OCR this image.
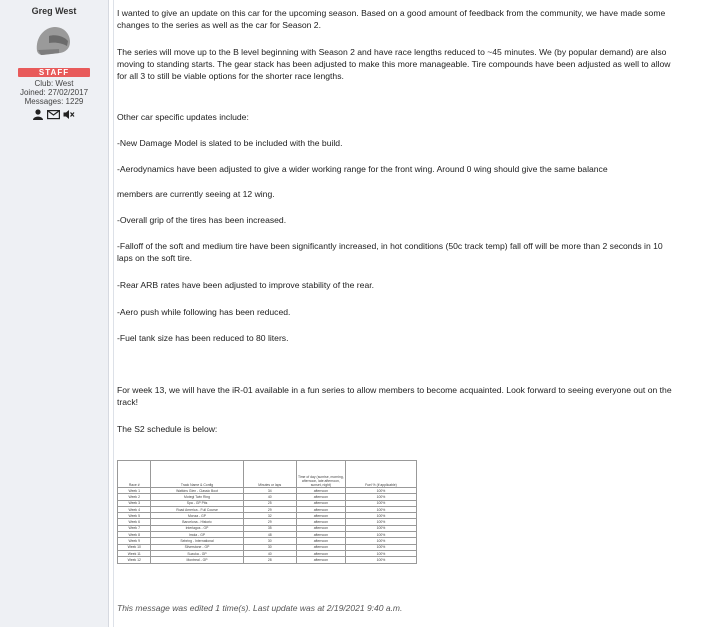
Greg West
STAFF
Club: West
Joined: 27/02/2017
Messages: 1229
I wanted to give an update on this car for the upcoming season. Based on a good amount of feedback from the community, we have made some changes to the series as well as the car for Season 2.
The series will move up to the B level beginning with Season 2 and have race lengths reduced to ~45 minutes. We (by popular demand) are also moving to standing starts. The gear stack has been adjusted to make this more manageable. Tire compounds have been adjusted as well to allow for all 3 to still be viable options for the shorter race lengths.
Other car specific updates include:
-New Damage Model is slated to be included with the build.
-Aerodynamics have been adjusted to give a wider working range for the front wing. Around 0 wing should give the same balance
members are currently seeing at 12 wing.
-Overall grip of the tires has been increased.
-Falloff of the soft and medium tire have been significantly increased, in hot conditions (50c track temp) fall off will be more than 2 seconds in 10 laps on the soft tire.
-Rear ARB rates have been adjusted to improve stability of the rear.
-Aero push while following has been reduced.
-Fuel tank size has been reduced to 80 liters.
For week 13, we will have the iR-01 available in a fun series to allow members to become acquainted. Look forward to seeing everyone out on the track!
The S2 schedule is below:
Race #	Track Name & Config	Minutes or laps	Time of day (sunrise, morning, afternoon, late afternoon, sunset, night)	Fuel % (if applicable)
Week 1	Watkins Glen - Classic Boot	34	afternoon	100%
Week 2	Motegi Twin Ring	40	afternoon	100%
Week 3	Spa - GP Pits	25	afternoon	100%
Week 4	Road America - Full Course	29	afternoon	100%
Week 5	Monza - GP	32	afternoon	100%
Week 6	Barcelona - Historic	29	afternoon	100%
Week 7	Interlagos - GP	35	afternoon	100%
Week 8	Imola - GP	48	afternoon	100%
Week 9	Sebring - International	30	afternoon	100%
Week 10	Silverstone - GP	30	afternoon	100%
Week 11	Suzuka - GP	40	afternoon	100%
Week 12	Montreal - GP	28	afternoon	100%
This message was edited 1 time(s). Last update was at 2/19/2021 9:40 a.m.
